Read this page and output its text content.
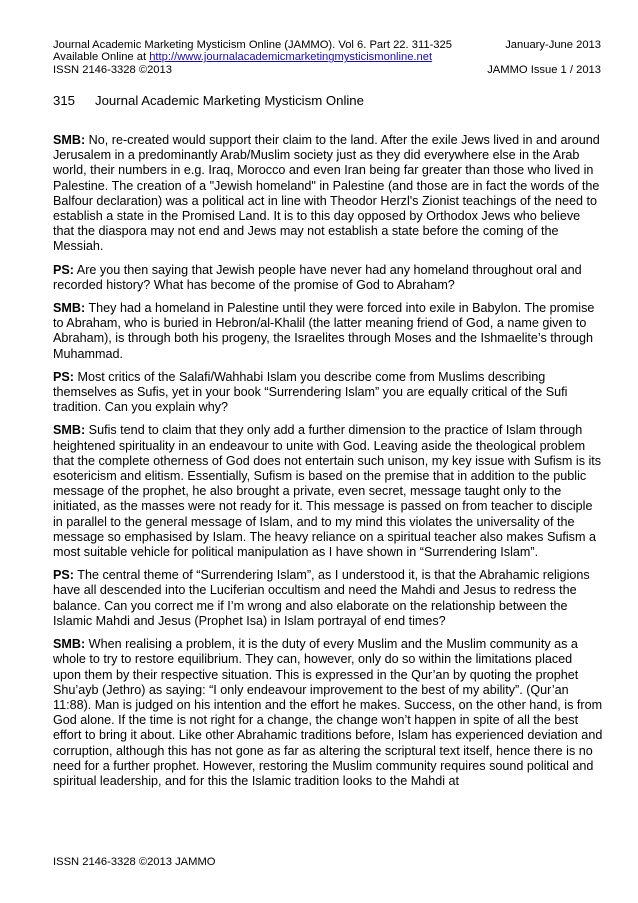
Journal Academic Marketing Mysticism Online (JAMMO). Vol 6. Part 22. 311-325	January-June 2013
Available Online at http://www.journalacademicmarketingmysticismonline.net
ISSN 2146-3328 ©2013	JAMMO Issue 1 / 2013
315 Journal Academic Marketing Mysticism Online

SMB: No, re-created would support their claim to the land. After the exile Jews lived in and around Jerusalem in a predominantly Arab/Muslim society just as they did everywhere else in the Arab world, their numbers in e.g. Iraq, Morocco and even Iran being far greater than those who lived in Palestine. The creation of a "Jewish homeland" in Palestine (and those are in fact the words of the Balfour declaration) was a political act in line with Theodor Herzl's Zionist teachings of the need to establish a state in the Promised Land. It is to this day opposed by Orthodox Jews who believe that the diaspora may not end and Jews may not establish a state before the coming of the Messiah.

PS: Are you then saying that Jewish people have never had any homeland throughout oral and recorded history? What has become of the promise of God to Abraham?

SMB: They had a homeland in Palestine until they were forced into exile in Babylon. The promise to Abraham, who is buried in Hebron/al-Khalil (the latter meaning friend of God, a name given to Abraham), is through both his progeny, the Israelites through Moses and the Ishmaelite’s through Muhammad.

PS: Most critics of the Salafi/Wahhabi Islam you describe come from Muslims describing themselves as Sufis, yet in your book “Surrendering Islam” you are equally critical of the Sufi tradition. Can you explain why?

SMB: Sufis tend to claim that they only add a further dimension to the practice of Islam through heightened spirituality in an endeavour to unite with God. Leaving aside the theological problem that the complete otherness of God does not entertain such unison, my key issue with Sufism is its esotericism and elitism. Essentially, Sufism is based on the premise that in addition to the public message of the prophet, he also brought a private, even secret, message taught only to the initiated, as the masses were not ready for it. This message is passed on from teacher to disciple in parallel to the general message of Islam, and to my mind this violates the universality of the message so emphasised by Islam. The heavy reliance on a spiritual teacher also makes Sufism a most suitable vehicle for political manipulation as I have shown in “Surrendering Islam”.

PS: The central theme of “Surrendering Islam”, as I understood it, is that the Abrahamic religions have all descended into the Luciferian occultism and need the Mahdi and Jesus to redress the balance. Can you correct me if I’m wrong and also elaborate on the relationship between the Islamic Mahdi and Jesus (Prophet Isa) in Islam portrayal of end times?

SMB: When realising a problem, it is the duty of every Muslim and the Muslim community as a whole to try to restore equilibrium. They can, however, only do so within the limitations placed upon them by their respective situation. This is expressed in the Qur’an by quoting the prophet Shu’ayb (Jethro) as saying: “I only endeavour improvement to the best of my ability”. (Qur’an 11:88). Man is judged on his intention and the effort he makes. Success, on the other hand, is from God alone. If the time is not right for a change, the change won’t happen in spite of all the best effort to bring it about. Like other Abrahamic traditions before, Islam has experienced deviation and corruption, although this has not gone as far as altering the scriptural text itself, hence there is no need for a further prophet. However, restoring the Muslim community requires sound political and spiritual leadership, and for this the Islamic tradition looks to the Mahdi at

ISSN 2146-3328 ©2013 JAMMO
